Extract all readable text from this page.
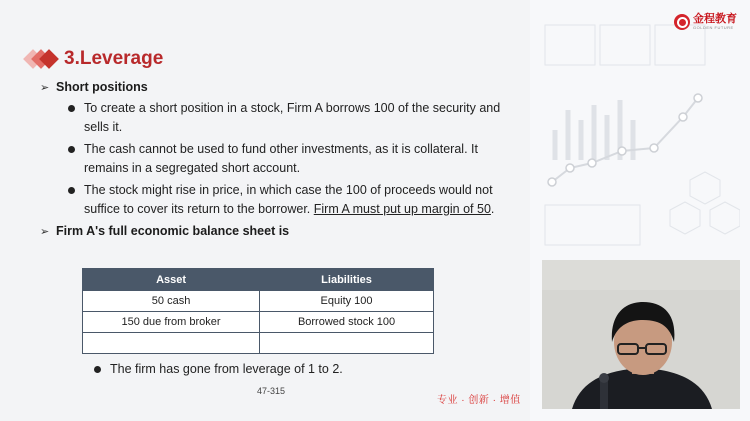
金程教育
GOLDEN FUTURE
3.Leverage
➢ Short positions
To create a short position in a stock, Firm A borrows 100 of the security and sells it.
The cash cannot be used to fund other investments, as it is collateral. It remains in a segregated short account.
The stock might rise in price, in which case the 100 of proceeds would not suffice to cover its return to the borrower. Firm A must put up margin of 50.
➢ Firm A's full economic balance sheet is
Asset	Liabilities
50 cash	Equity 100
150 due from broker	Borrowed stock 100

The firm has gone from leverage of 1 to 2.
47-315
专业 · 创新 · 增值
